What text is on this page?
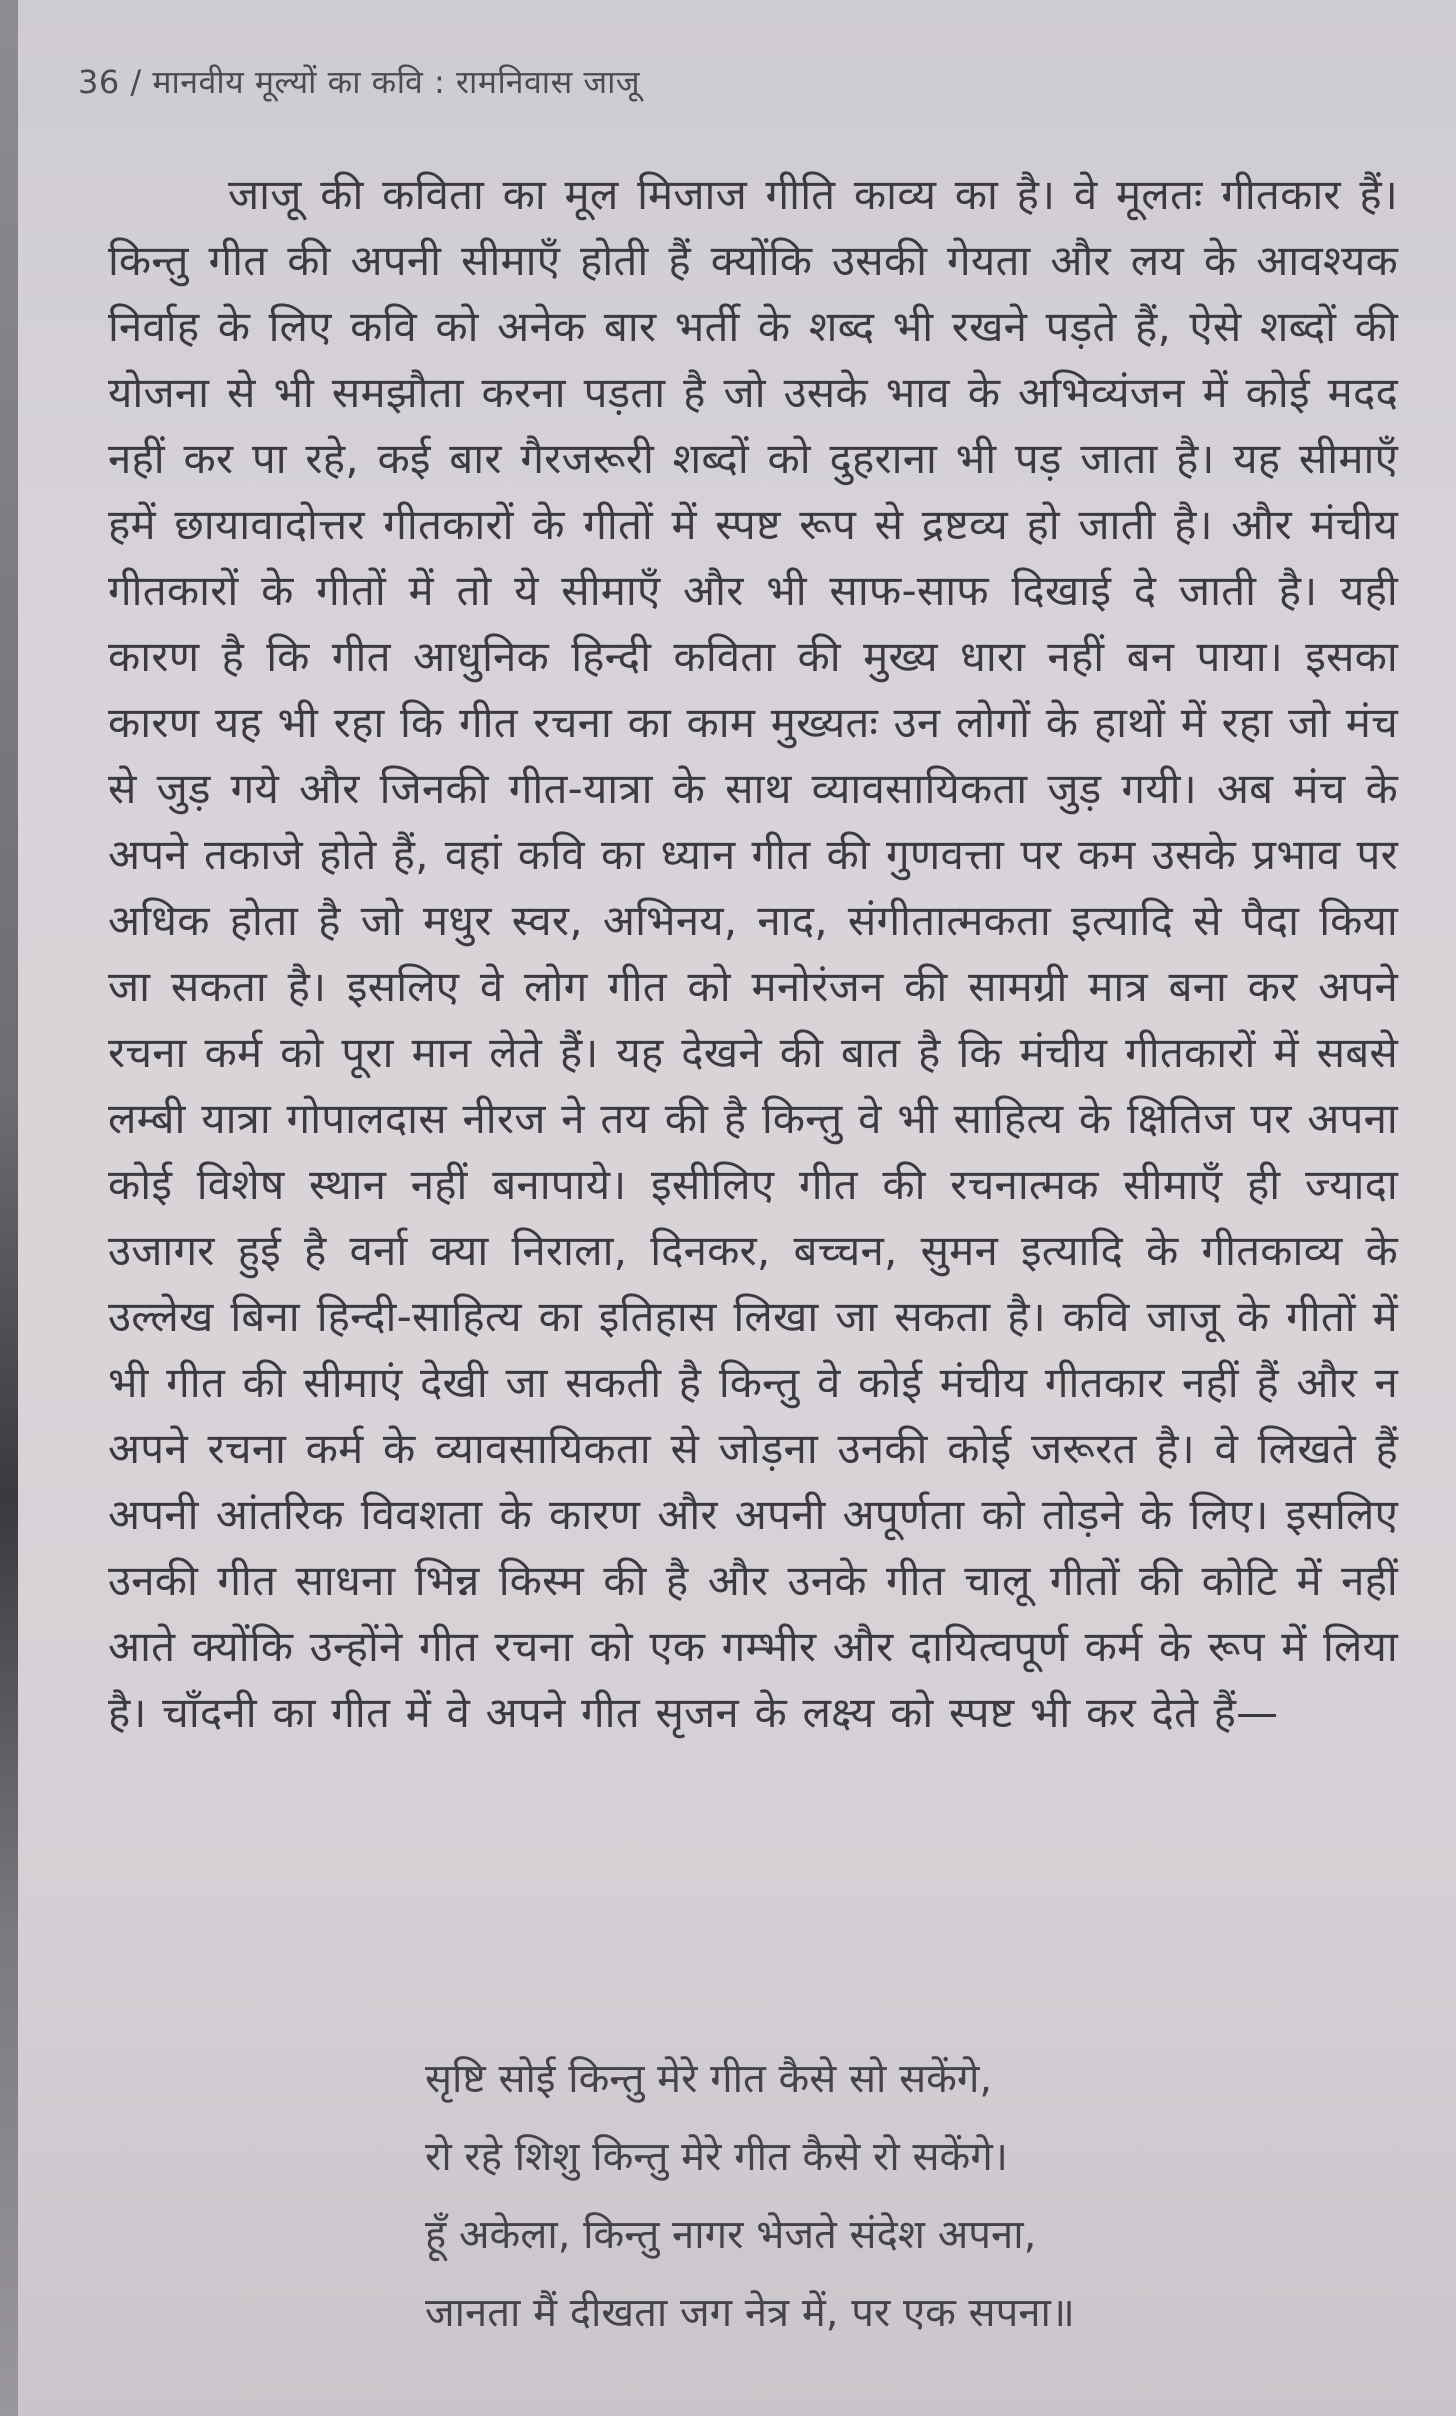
36 / मानवीय मूल्यों का कवि : रामनिवास जाजू
जाजू की कविता का मूल मिजाज गीति काव्य का है। वे मूलतः गीतकार हैं। किन्तु गीत की अपनी सीमाएँ होती हैं क्योंकि उसकी गेयता और लय के आवश्यक निर्वाह के लिए कवि को अनेक बार भर्ती के शब्द भी रखने पड़ते हैं, ऐसे शब्दों की योजना से भी समझौता करना पड़ता है जो उसके भाव के अभिव्यंजन में कोई मदद नहीं कर पा रहे, कई बार गैरजरूरी शब्दों को दुहराना भी पड़ जाता है। यह सीमाएँ हमें छायावादोत्तर गीतकारों के गीतों में स्पष्ट रूप से द्रष्टव्य हो जाती है। और मंचीय गीतकारों के गीतों में तो ये सीमाएँ और भी साफ-साफ दिखाई दे जाती है। यही कारण है कि गीत आधुनिक हिन्दी कविता की मुख्य धारा नहीं बन पाया। इसका कारण यह भी रहा कि गीत रचना का काम मुख्यतः उन लोगों के हाथों में रहा जो मंच से जुड़ गये और जिनकी गीत-यात्रा के साथ व्यावसायिकता जुड़ गयी। अब मंच के अपने तकाजे होते हैं, वहां कवि का ध्यान गीत की गुणवत्ता पर कम उसके प्रभाव पर अधिक होता है जो मधुर स्वर, अभिनय, नाद, संगीतात्मकता इत्यादि से पैदा किया जा सकता है। इसलिए वे लोग गीत को मनोरंजन की सामग्री मात्र बना कर अपने रचना कर्म को पूरा मान लेते हैं। यह देखने की बात है कि मंचीय गीतकारों में सबसे लम्बी यात्रा गोपालदास नीरज ने तय की है किन्तु वे भी साहित्य के क्षितिज पर अपना कोई विशेष स्थान नहीं बनापाये। इसीलिए गीत की रचनात्मक सीमाएँ ही ज्यादा उजागर हुई है वर्ना क्या निराला, दिनकर, बच्चन, सुमन इत्यादि के गीतकाव्य के उल्लेख बिना हिन्दी-साहित्य का इतिहास लिखा जा सकता है। कवि जाजू के गीतों में भी गीत की सीमाएं देखी जा सकती है किन्तु वे कोई मंचीय गीतकार नहीं हैं और न अपने रचना कर्म के व्यावसायिकता से जोड़ना उनकी कोई जरूरत है। वे लिखते हैं अपनी आंतरिक विवशता के कारण और अपनी अपूर्णता को तोड़ने के लिए। इसलिए उनकी गीत साधना भिन्न किस्म की है और उनके गीत चालू गीतों की कोटि में नहीं आते क्योंकि उन्होंने गीत रचना को एक गम्भीर और दायित्वपूर्ण कर्म के रूप में लिया है। चाँदनी का गीत में वे अपने गीत सृजन के लक्ष्य को स्पष्ट भी कर देते हैं—
सृष्टि सोई किन्तु मेरे गीत कैसे सो सकेंगे,
रो रहे शिशु किन्तु मेरे गीत कैसे रो सकेंगे।
हूँ अकेला, किन्तु नागर भेजते संदेश अपना,
जानता मैं दीखता जग नेत्र में, पर एक सपना॥
